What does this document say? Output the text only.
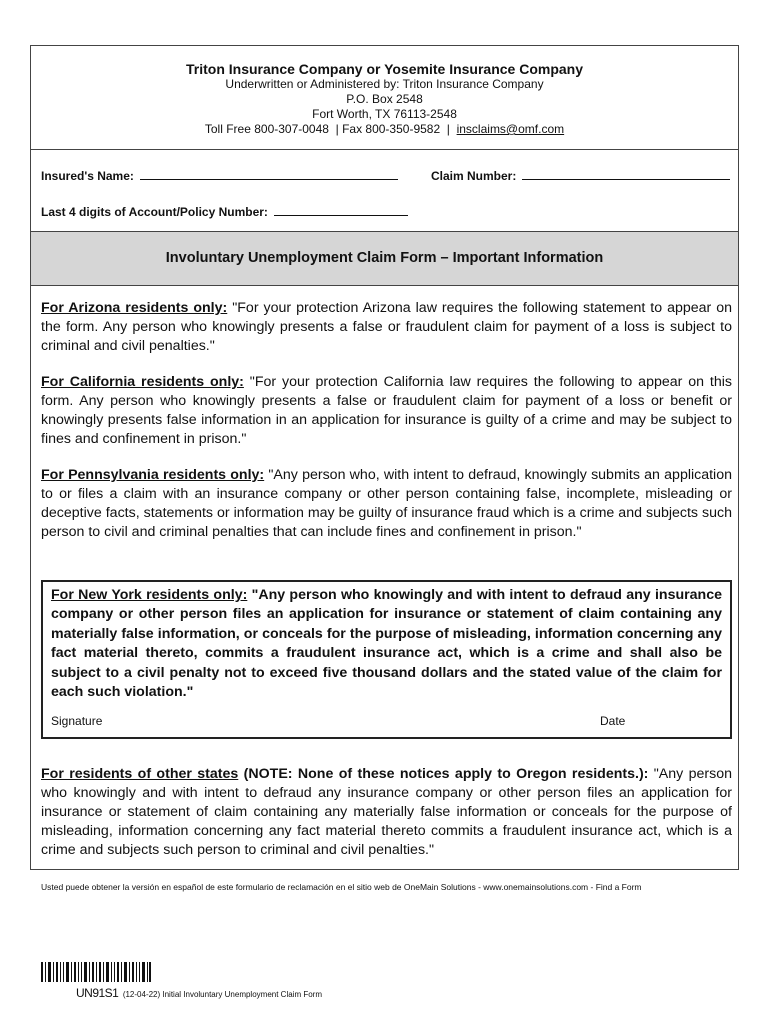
Triton Insurance Company or Yosemite Insurance Company
Underwritten or Administered by: Triton Insurance Company
P.O. Box 2548
Fort Worth, TX 76113-2548
Toll Free 800-307-0048  | Fax 800-350-9582  |  insclaims@omf.com
Insured's Name:	Claim Number:
Last 4 digits of Account/Policy Number:
Involuntary Unemployment Claim Form – Important Information
For Arizona residents only: "For your protection Arizona law requires the following statement to appear on the form. Any person who knowingly presents a false or fraudulent claim for payment of a loss is subject to criminal and civil penalties."
For California residents only: "For your protection California law requires the following to appear on this form. Any person who knowingly presents a false or fraudulent claim for payment of a loss or benefit or knowingly presents false information in an application for insurance is guilty of a crime and may be subject to fines and confinement in prison."
For Pennsylvania residents only: "Any person who, with intent to defraud, knowingly submits an application to or files a claim with an insurance company or other person containing false, incomplete, misleading or deceptive facts, statements or information may be guilty of insurance fraud which is a crime and subjects such person to civil and criminal penalties that can include fines and confinement in prison."
For New York residents only: "Any person who knowingly and with intent to defraud any insurance company or other person files an application for insurance or statement of claim containing any materially false information, or conceals for the purpose of misleading, information concerning any fact material thereto, commits a fraudulent insurance act, which is a crime and shall also be subject to a civil penalty not to exceed five thousand dollars and the stated value of the claim for each such violation."
Signature	Date
For residents of other states (NOTE: None of these notices apply to Oregon residents.): "Any person who knowingly and with intent to defraud any insurance company or other person files an application for insurance or statement of claim containing any materially false information or conceals for the purpose of misleading, information concerning any fact material thereto commits a fraudulent insurance act, which is a crime and subjects such person to criminal and civil penalties."
Usted puede obtener la versión en español de este formulario de reclamación en el sitio web de OneMain Solutions - www.onemainsolutions.com - Find a Form
UN91S1 (12-04-22) Initial Involuntary Unemployment Claim Form
